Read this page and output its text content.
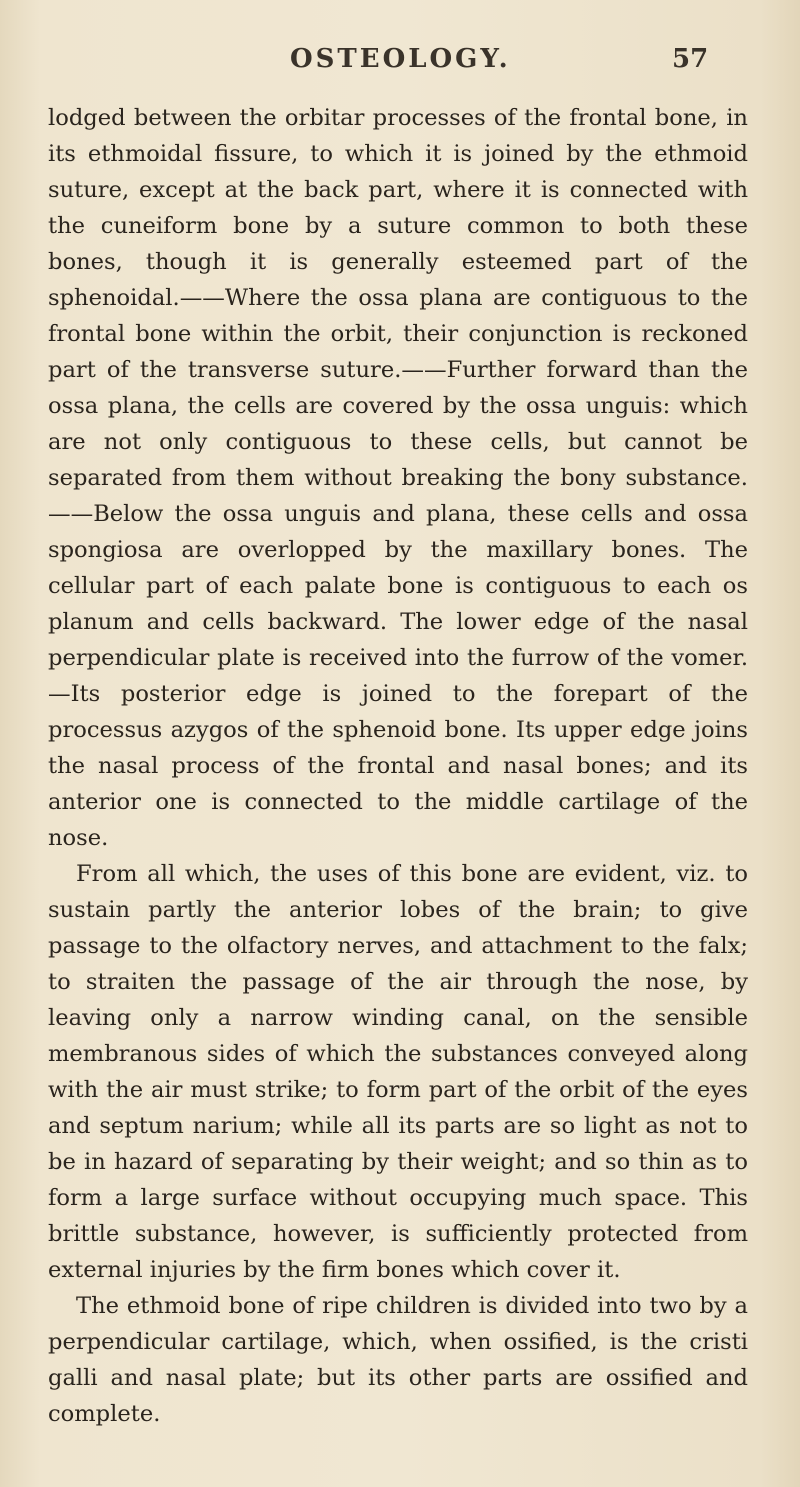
OSTEOLOGY.	57

lodged between the orbitar processes of the frontal bone, in its ethmoidal fissure, to which it is joined by the ethmoid suture, except at the back part, where it is connected with the cuneiform bone by a suture common to both these bones, though it is generally esteemed part of the sphenoidal.——Where the ossa plana are contiguous to the frontal bone within the orbit, their conjunction is reckoned part of the transverse suture.——Further forward than the ossa plana, the cells are covered by the ossa unguis: which are not only contiguous to these cells, but cannot be separated from them without breaking the bony substance.——Below the ossa unguis and plana, these cells and ossa spongiosa are overlopped by the maxillary bones. The cellular part of each palate bone is contiguous to each os planum and cells backward. The lower edge of the nasal perpendicular plate is received into the furrow of the vomer.—Its posterior edge is joined to the forepart of the processus azygos of the sphenoid bone. Its upper edge joins the nasal process of the frontal and nasal bones; and its anterior one is connected to the middle cartilage of the nose.

From all which, the uses of this bone are evident, viz. to sustain partly the anterior lobes of the brain; to give passage to the olfactory nerves, and attachment to the falx; to straiten the passage of the air through the nose, by leaving only a narrow winding canal, on the sensible membranous sides of which the substances conveyed along with the air must strike; to form part of the orbit of the eyes and septum narium; while all its parts are so light as not to be in hazard of separating by their weight; and so thin as to form a large surface without occupying much space. This brittle substance, however, is sufficiently protected from external injuries by the firm bones which cover it.

The ethmoid bone of ripe children is divided into two by a perpendicular cartilage, which, when ossified, is the cristi galli and nasal plate; but its other parts are ossified and complete.
